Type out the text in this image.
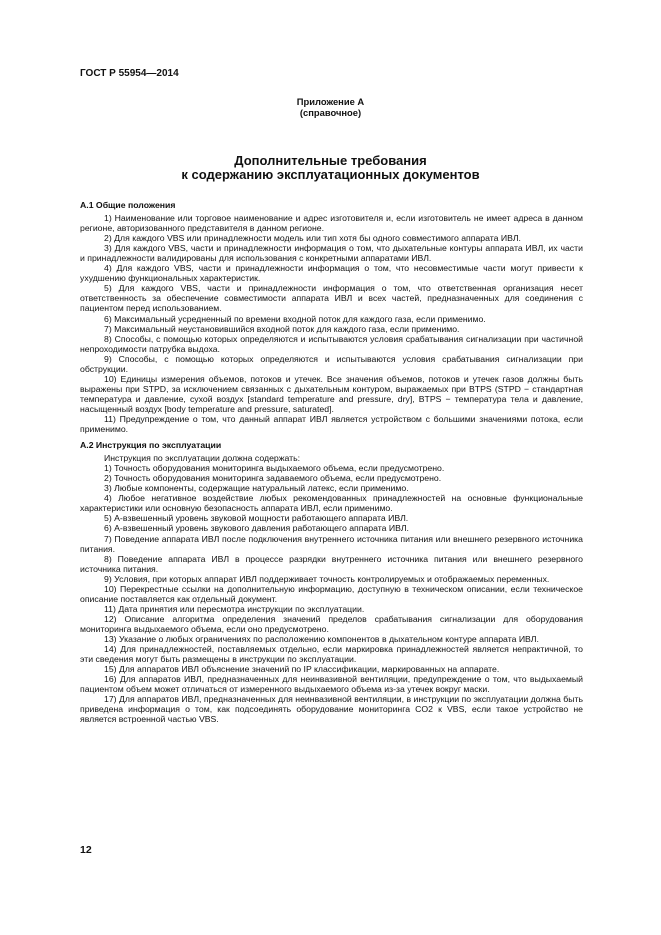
ГОСТ Р 55954—2014
Приложение А
(справочное)
Дополнительные требования
к содержанию эксплуатационных документов
А.1 Общие положения

1) Наименование или торговое наименование и адрес изготовителя и, если изготовитель не имеет адреса в данном регионе, авторизованного представителя в данном регионе.

2) Для каждого VBS или принадлежности модель или тип хотя бы одного совместимого аппарата ИВЛ.

3) Для каждого VBS, части и принадлежности информация о том, что дыхательные контуры аппарата ИВЛ, их части и принадлежности валидированы для использования с конкретными аппаратами ИВЛ.

4) Для каждого VBS, части и принадлежности информация о том, что несовместимые части могут привести к ухудшению функциональных характеристик.

5) Для каждого VBS, части и принадлежности информация о том, что ответственная организация несет ответственность за обеспечение совместимости аппарата ИВЛ и всех частей, предназначенных для соединения с пациентом перед использованием.

6) Максимальный усредненный по времени входной поток для каждого газа, если применимо.

7) Максимальный неустановившийся входной поток для каждого газа, если применимо.

8) Способы, с помощью которых определяются и испытываются условия срабатывания сигнализации при частичной непроходимости патрубка выдоха.

9) Способы, с помощью которых определяются и испытываются условия срабатывания сигнализации при обструкции.

10) Единицы измерения объемов, потоков и утечек. Все значения объемов, потоков и утечек газов должны быть выражены при STPD, за исключением связанных с дыхательным контуром, выражаемых при BTPS (STPD − стандартная температура и давление, сухой воздух [standard temperature and pressure, dry], BTPS − температура тела и давление, насыщенный воздух [body temperature and pressure, saturated].

11) Предупреждение о том, что данный аппарат ИВЛ является устройством с большими значениями потока, если применимо.

А.2 Инструкция по эксплуатации

Инструкция по эксплуатации должна содержать:

1) Точность оборудования мониторинга выдыхаемого объема, если предусмотрено.

2) Точность оборудования мониторинга задаваемого объема, если предусмотрено.

3) Любые компоненты, содержащие натуральный латекс, если применимо.

4) Любое негативное воздействие любых рекомендованных принадлежностей на основные функциональные характеристики или основную безопасность аппарата ИВЛ, если применимо.

5) А-взвешенный уровень звуковой мощности работающего аппарата ИВЛ.

6) А-взвешенный уровень звукового давления работающего аппарата ИВЛ.

7) Поведение аппарата ИВЛ после подключения внутреннего источника питания или внешнего резервного источника питания.

8) Поведение аппарата ИВЛ в процессе разрядки внутреннего источника питания или внешнего резервного источника питания.

9) Условия, при которых аппарат ИВЛ поддерживает точность контролируемых и отображаемых переменных.

10) Перекрестные ссылки на дополнительную информацию, доступную в техническом описании, если техническое описание поставляется как отдельный документ.

11) Дата принятия или пересмотра инструкции по эксплуатации.

12) Описание алгоритма определения значений пределов срабатывания сигнализации для оборудования мониторинга выдыхаемого объема, если оно предусмотрено.

13) Указание о любых ограничениях по расположению компонентов в дыхательном контуре аппарата ИВЛ.

14) Для принадлежностей, поставляемых отдельно, если маркировка принадлежностей является непрактичной, то эти сведения могут быть размещены в инструкции по эксплуатации.

15) Для аппаратов ИВЛ объяснение значений по IP классификации, маркированных на аппарате.

16) Для аппаратов ИВЛ, предназначенных для неинвазивной вентиляции, предупреждение о том, что выдыхаемый пациентом объем может отличаться от измеренного выдыхаемого объема из-за утечек вокруг маски.

17) Для аппаратов ИВЛ, предназначенных для неинвазивной вентиляции, в инструкции по эксплуатации должна быть приведена информация о том, как подсоединять оборудование мониторинга CO2 к VBS, если такое устройство не является встроенной частью VBS.

12
